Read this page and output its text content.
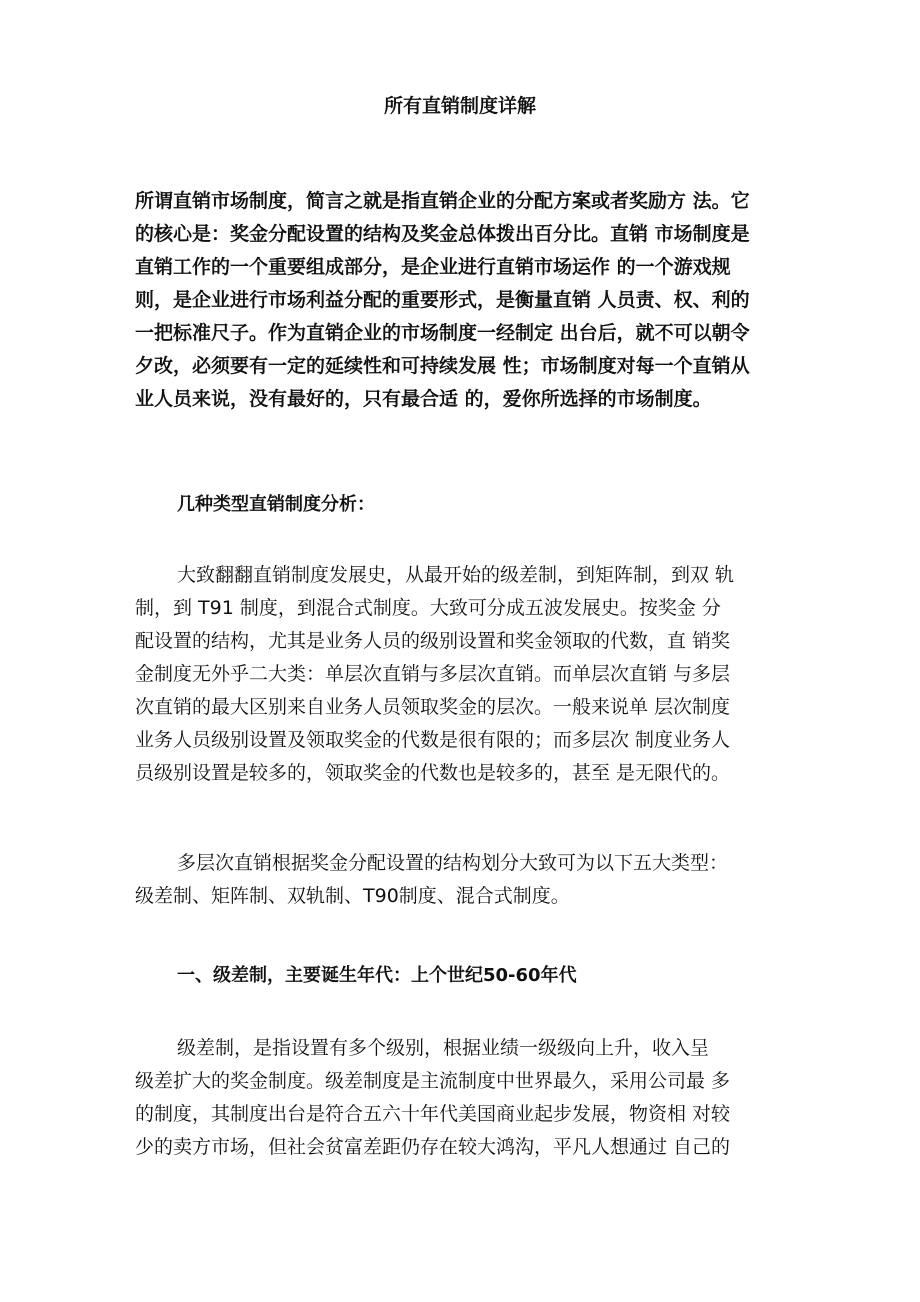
所有直销制度详解
所谓直销市场制度，简言之就是指直销企业的分配方案或者奖励方 法。它
的核心是：奖金分配设置的结构及奖金总体拨出百分比。直销 市场制度是
直销工作的一个重要组成部分，是企业进行直销市场运作 的一个游戏规
则，是企业进行市场利益分配的重要形式，是衡量直销 人员责、权、利的
一把标准尺子。作为直销企业的市场制度一经制定 出台后，就不可以朝令
夕改，必须要有一定的延续性和可持续发展 性；市场制度对每一个直销从
业人员来说，没有最好的，只有最合适 的，爱你所选择的市场制度。
几种类型直销制度分析：
大致翻翻直销制度发展史，从最开始的级差制，到矩阵制，到双 轨
制，到 T91 制度，到混合式制度。大致可分成五波发展史。按奖金 分
配设置的结构，尤其是业务人员的级别设置和奖金领取的代数，直 销奖
金制度无外乎二大类：单层次直销与多层次直销。而单层次直销 与多层
次直销的最大区别来自业务人员领取奖金的层次。一般来说单 层次制度
业务人员级别设置及领取奖金的代数是很有限的；而多层次 制度业务人
员级别设置是较多的，领取奖金的代数也是较多的，甚至 是无限代的。
多层次直销根据奖金分配设置的结构划分大致可为以下五大类型：
级差制、矩阵制、双轨制、T90制度、混合式制度。
一、级差制，主要诞生年代：上个世纪50-60年代
级差制，是指设置有多个级别，根据业绩一级级向上升，收入呈
级差扩大的奖金制度。级差制度是主流制度中世界最久，采用公司最 多
的制度，其制度出台是符合五六十年代美国商业起步发展，物资相 对较
少的卖方市场，但社会贫富差距仍存在较大鸿沟，平凡人想通过 自己的
